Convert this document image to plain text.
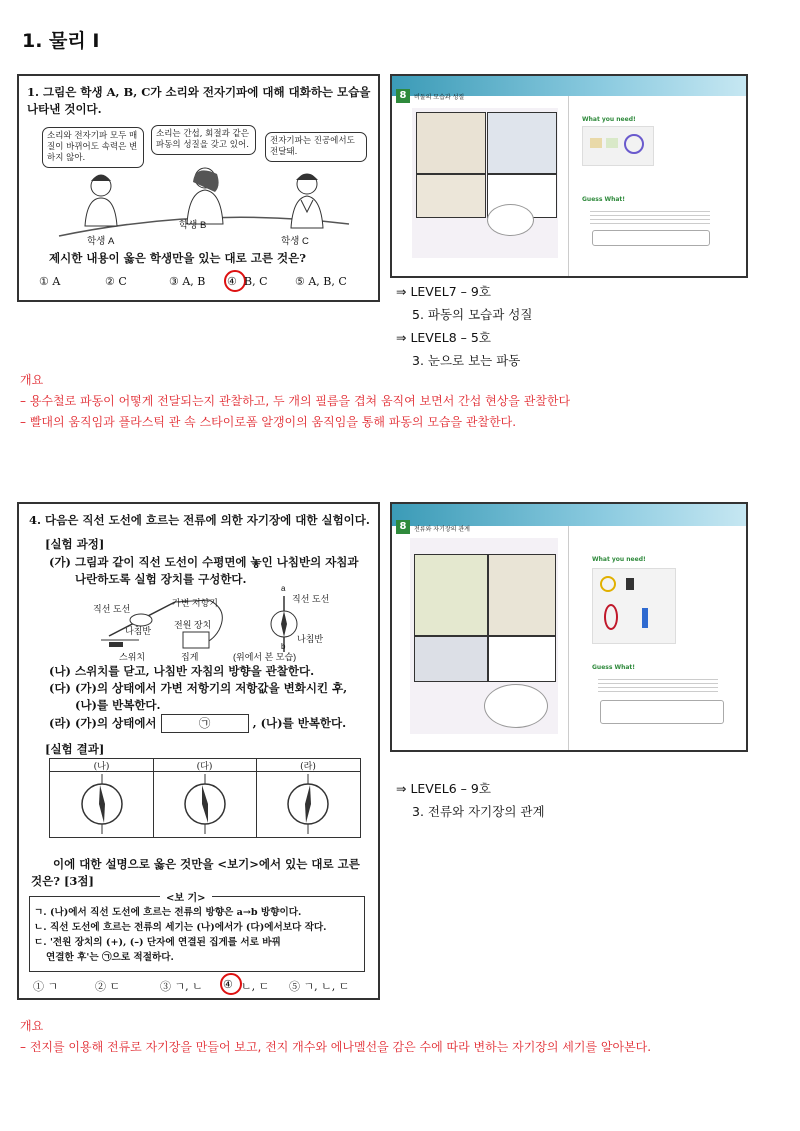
1. 물리 Ⅰ
1. 그림은 학생 A, B, C가 소리와 전자기파에 대해 대화하는 모습을
나타낸 것이다.
소리와 전자기파 모두 매질이 바뀌어도 속력은 변하지 않아.
소리는 간섭, 회절과 같은 파동의 성질을 갖고 있어.	전자기파는 진공에서도 전달돼.
학생 A
학생 B
학생 C
제시한 내용이 옳은 학생만을 있는 대로 고른 것은?
① A	② C	③ A, B ④ B, C	⑤ A, B, C
8	비둘의 모습과 성질
What you need!
Guess What!
⇒ LEVEL7 – 9호
5. 파동의 모습과 성질
⇒ LEVEL8 – 5호
3. 눈으로 보는 파동
개요
– 용수철로 파동이 어떻게 전달되는지 관찰하고, 두 개의 필름을 겹쳐 움직여 보면서 간섭 현상을 관찰한다
– 빨대의 움직임과 플라스틱 관 속 스타이로폼 알갱이의 움직임을 통해 파동의 모습을 관찰한다.
4. 다음은 직선 도선에 흐르는 전류에 의한 자기장에 대한 실험이다.
[실험 과정]
(가) 그림과 같이 직선 도선이 수평면에 놓인 나침반의 자침과
나란하도록 실험 장치를 구성한다.
직선 도선
가변 저항기
나침반
전원 장치
스위치	집게
직선 도선
나침반
(위에서 본 모습)
a
b
(나) 스위치를 닫고, 나침반 자침의 방향을 관찰한다.
(다) (가)의 상태에서 가변 저항기의 저항값을 변화시킨 후,
(나)를 반복한다.
(라) (가)의 상태에서	㉠	, (나)를 반복한다.
[실험 결과]
(나)	(다)	(라)
이에 대한 설명으로 옳은 것만을 <보기>에서 있는 대로 고른
것은? [3점]
<보 기>
ㄱ. (나)에서 직선 도선에 흐르는 전류의 방향은 a→b 방향이다.
ㄴ. 직선 도선에 흐르는 전류의 세기는 (나)에서가 (다)에서보다 작다.
ㄷ. '전원 장치의 (+), (–) 단자에 연결된 집게를 서로 바꿔
연결한 후'는 ㉠으로 적절하다.
① ㄱ	② ㄷ	③ ㄱ, ㄴ ④ ㄴ, ㄷ ⑤ ㄱ, ㄴ, ㄷ
8	전류와 자기장의 관계
What you need!
Guess What!
⇒ LEVEL6 – 9호
3. 전류와 자기장의 관계
개요
– 전지를 이용해 전류로 자기장을 만들어 보고, 전지 개수와 에나멜선을 감은 수에 따라 변하는 자기장의 세기를 알아본다.
